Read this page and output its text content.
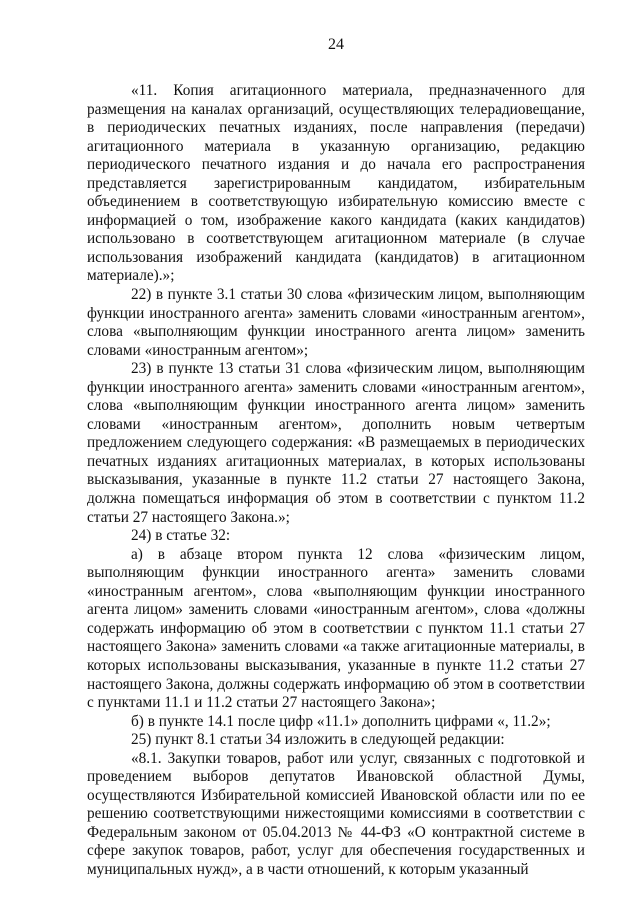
24

«11. Копия агитационного материала, предназначенного для размещения на каналах организаций, осуществляющих телерадиовещание, в периодических печатных изданиях, после направления (передачи) агитационного материала в указанную организацию, редакцию периодического печатного издания и до начала его распространения представляется зарегистрированным кандидатом, избирательным объединением в соответствующую избирательную комиссию вместе с информацией о том, изображение какого кандидата (каких кандидатов) использовано в соответствующем агитационном материале (в случае использования изображений кандидата (кандидатов) в агитационном материале).»;

22) в пункте 3.1 статьи 30 слова «физическим лицом, выполняющим функции иностранного агента» заменить словами «иностранным агентом», слова «выполняющим функции иностранного агента лицом» заменить словами «иностранным агентом»;

23) в пункте 13 статьи 31 слова «физическим лицом, выполняющим функции иностранного агента» заменить словами «иностранным агентом», слова «выполняющим функции иностранного агента лицом» заменить словами «иностранным агентом», дополнить новым четвертым предложением следующего содержания: «В размещаемых в периодических печатных изданиях агитационных материалах, в которых использованы высказывания, указанные в пункте 11.2 статьи 27 настоящего Закона, должна помещаться информация об этом в соответствии с пунктом 11.2 статьи 27 настоящего Закона.»;

24) в статье 32:

а) в абзаце втором пункта 12 слова «физическим лицом, выполняющим функции иностранного агента» заменить словами «иностранным агентом», слова «выполняющим функции иностранного агента лицом» заменить словами «иностранным агентом», слова «должны содержать информацию об этом в соответствии с пунктом 11.1 статьи 27 настоящего Закона» заменить словами «а также агитационные материалы, в которых использованы высказывания, указанные в пункте 11.2 статьи 27 настоящего Закона, должны содержать информацию об этом в соответствии с пунктами 11.1 и 11.2 статьи 27 настоящего Закона»;

б) в пункте 14.1 после цифр «11.1» дополнить цифрами «, 11.2»;

25) пункт 8.1 статьи 34 изложить в следующей редакции:

«8.1. Закупки товаров, работ или услуг, связанных с подготовкой и проведением выборов депутатов Ивановской областной Думы, осуществляются Избирательной комиссией Ивановской области или по ее решению соответствующими нижестоящими комиссиями в соответствии с Федеральным законом от 05.04.2013 № 44-ФЗ «О контрактной системе в сфере закупок товаров, работ, услуг для обеспечения государственных и муниципальных нужд», а в части отношений, к которым указанный
